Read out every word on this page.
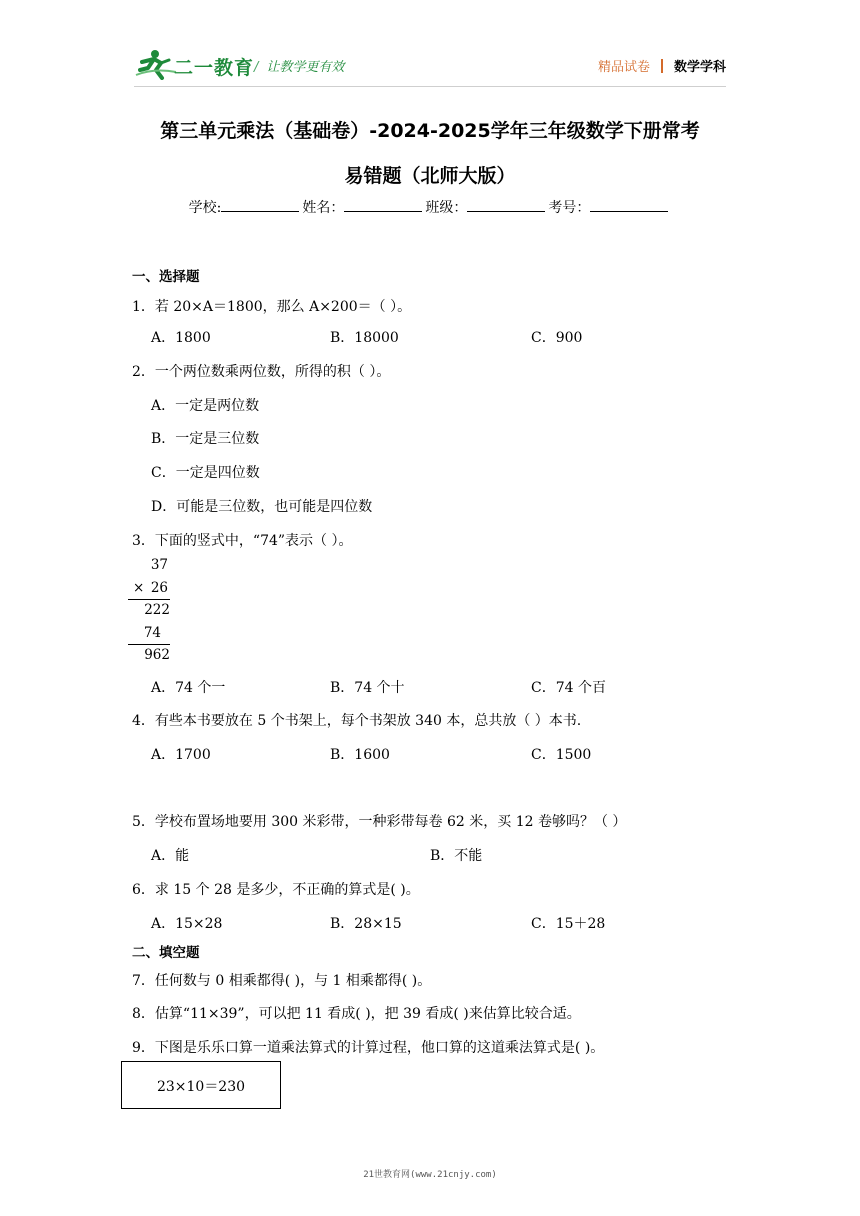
二一教育 / 让教学更有效	精品试卷 数学学科
第三单元乘法（基础卷）-2024-2025学年三年级数学下册常考
易错题（北师大版）
学校:	姓名：	班级：	考号：
一、选择题
1．若 20×A＝1800，那么 A×200＝（ ）。
A．1800	B．18000	C．900
2．一个两位数乘两位数，所得的积（ ）。
A．一定是两位数
B．一定是三位数
C．一定是四位数
D．可能是三位数，也可能是四位数
3．下面的竖式中，“74”表示（ ）。
37
× 26
222
74
962
A．74 个一	B．74 个十	C．74 个百
4．有些本书要放在 5 个书架上，每个书架放 340 本，总共放（ ）本书.
A．1700	B．1600	C．1500
5．学校布置场地要用 300 米彩带，一种彩带每卷 62 米，买 12 卷够吗？（ ）
A．能	B．不能
6．求 15 个 28 是多少，不正确的算式是( )。
A．15×28	B．28×15	C．15＋28
二、填空题
7．任何数与 0 相乘都得( )，与 1 相乘都得( )。
8．估算“11×39”，可以把 11 看成( )，把 39 看成( )来估算比较合适。
9．下图是乐乐口算一道乘法算式的计算过程，他口算的这道乘法算式是( )。
23×10＝230
21世教育网(www.21cnjy.com)
